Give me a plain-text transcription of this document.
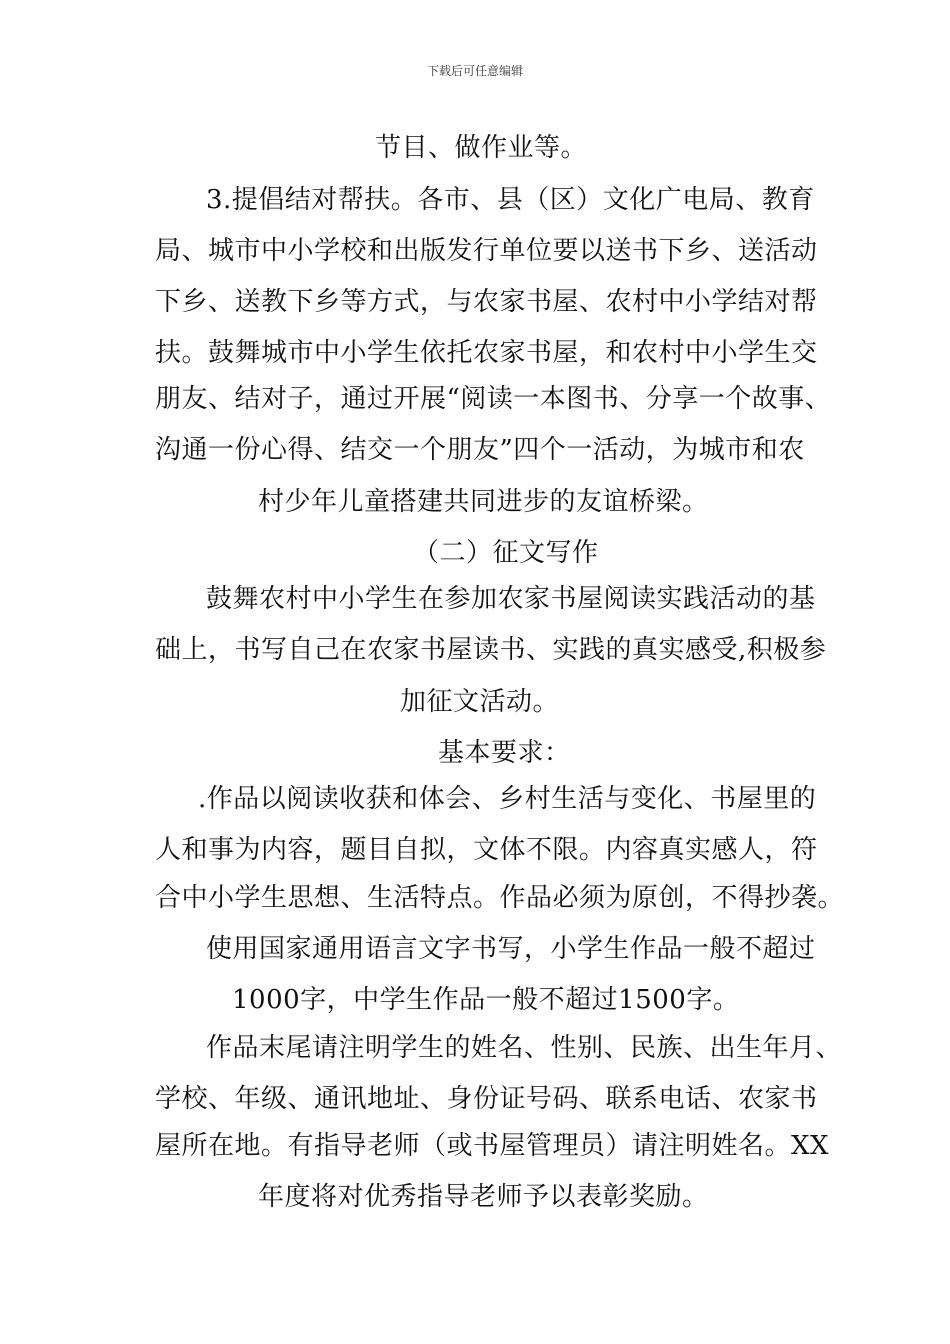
下载后可任意编辑
节目、做作业等。
3.提倡结对帮扶。各市、县（区）文化广电局、教育
局、城市中小学校和出版发行单位要以送书下乡、送活动
下乡、送教下乡等方式，与农家书屋、农村中小学结对帮
扶。鼓舞城市中小学生依托农家书屋，和农村中小学生交
朋友、结对子，通过开展“阅读一本图书、分享一个故事、
沟通一份心得、结交一个朋友”四个一活动，为城市和农
村少年儿童搭建共同进步的友谊桥梁。
（二）征文写作
鼓舞农村中小学生在参加农家书屋阅读实践活动的基
础上，书写自己在农家书屋读书、实践的真实感受,积极参
加征文活动。
基本要求：
.作品以阅读收获和体会、乡村生活与变化、书屋里的
人和事为内容，题目自拟，文体不限。内容真实感人，符
合中小学生思想、生活特点。作品必须为原创，不得抄袭。
使用国家通用语言文字书写，小学生作品一般不超过
1000字，中学生作品一般不超过1500字。
作品末尾请注明学生的姓名、性别、民族、出生年月、
学校、年级、通讯地址、身份证号码、联系电话、农家书
屋所在地。有指导老师（或书屋管理员）请注明姓名。XX
年度将对优秀指导老师予以表彰奖励。
